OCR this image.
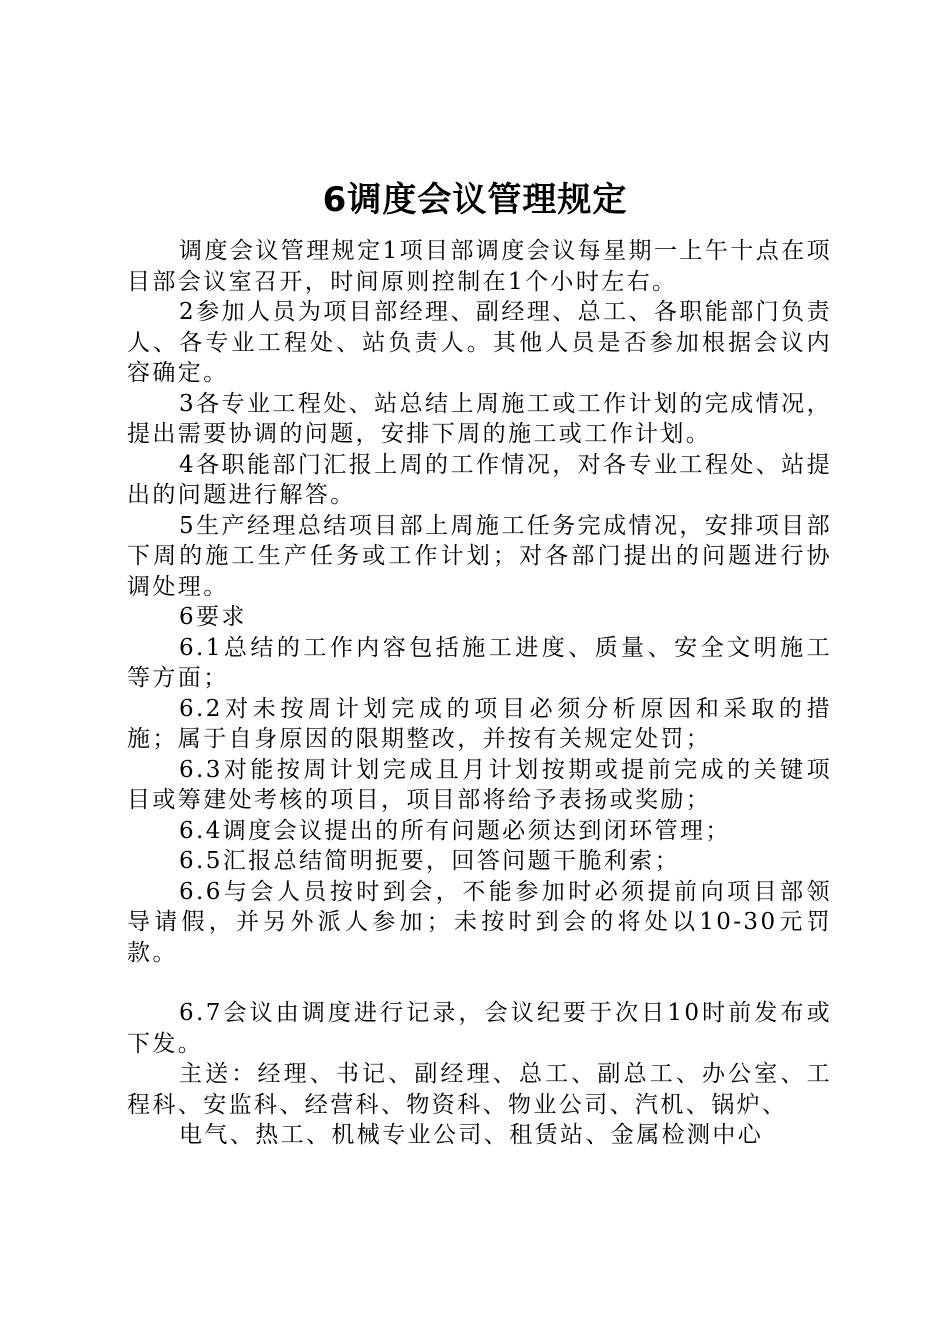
6调度会议管理规定

调度会议管理规定1项目部调度会议每星期一上午十点在项目部会议室召开，时间原则控制在1个小时左右。

2参加人员为项目部经理、副经理、总工、各职能部门负责人、各专业工程处、站负责人。其他人员是否参加根据会议内容确定。

3各专业工程处、站总结上周施工或工作计划的完成情况，提出需要协调的问题，安排下周的施工或工作计划。

4各职能部门汇报上周的工作情况，对各专业工程处、站提出的问题进行解答。

5生产经理总结项目部上周施工任务完成情况，安排项目部下周的施工生产任务或工作计划；对各部门提出的问题进行协调处理。

6要求

6.1总结的工作内容包括施工进度、质量、安全文明施工等方面；

6.2对未按周计划完成的项目必须分析原因和采取的措施；属于自身原因的限期整改，并按有关规定处罚；

6.3对能按周计划完成且月计划按期或提前完成的关键项目或筹建处考核的项目，项目部将给予表扬或奖励；

6.4调度会议提出的所有问题必须达到闭环管理；

6.5汇报总结简明扼要，回答问题干脆利索；

6.6与会人员按时到会，不能参加时必须提前向项目部领导请假，并另外派人参加；未按时到会的将处以10-30元罚款。

6.7会议由调度进行记录，会议纪要于次日10时前发布或下发。

主送：经理、书记、副经理、总工、副总工、办公室、工程科、安监科、经营科、物资科、物业公司、汽机、锅炉、

电气、热工、机械专业公司、租赁站、金属检测中心
